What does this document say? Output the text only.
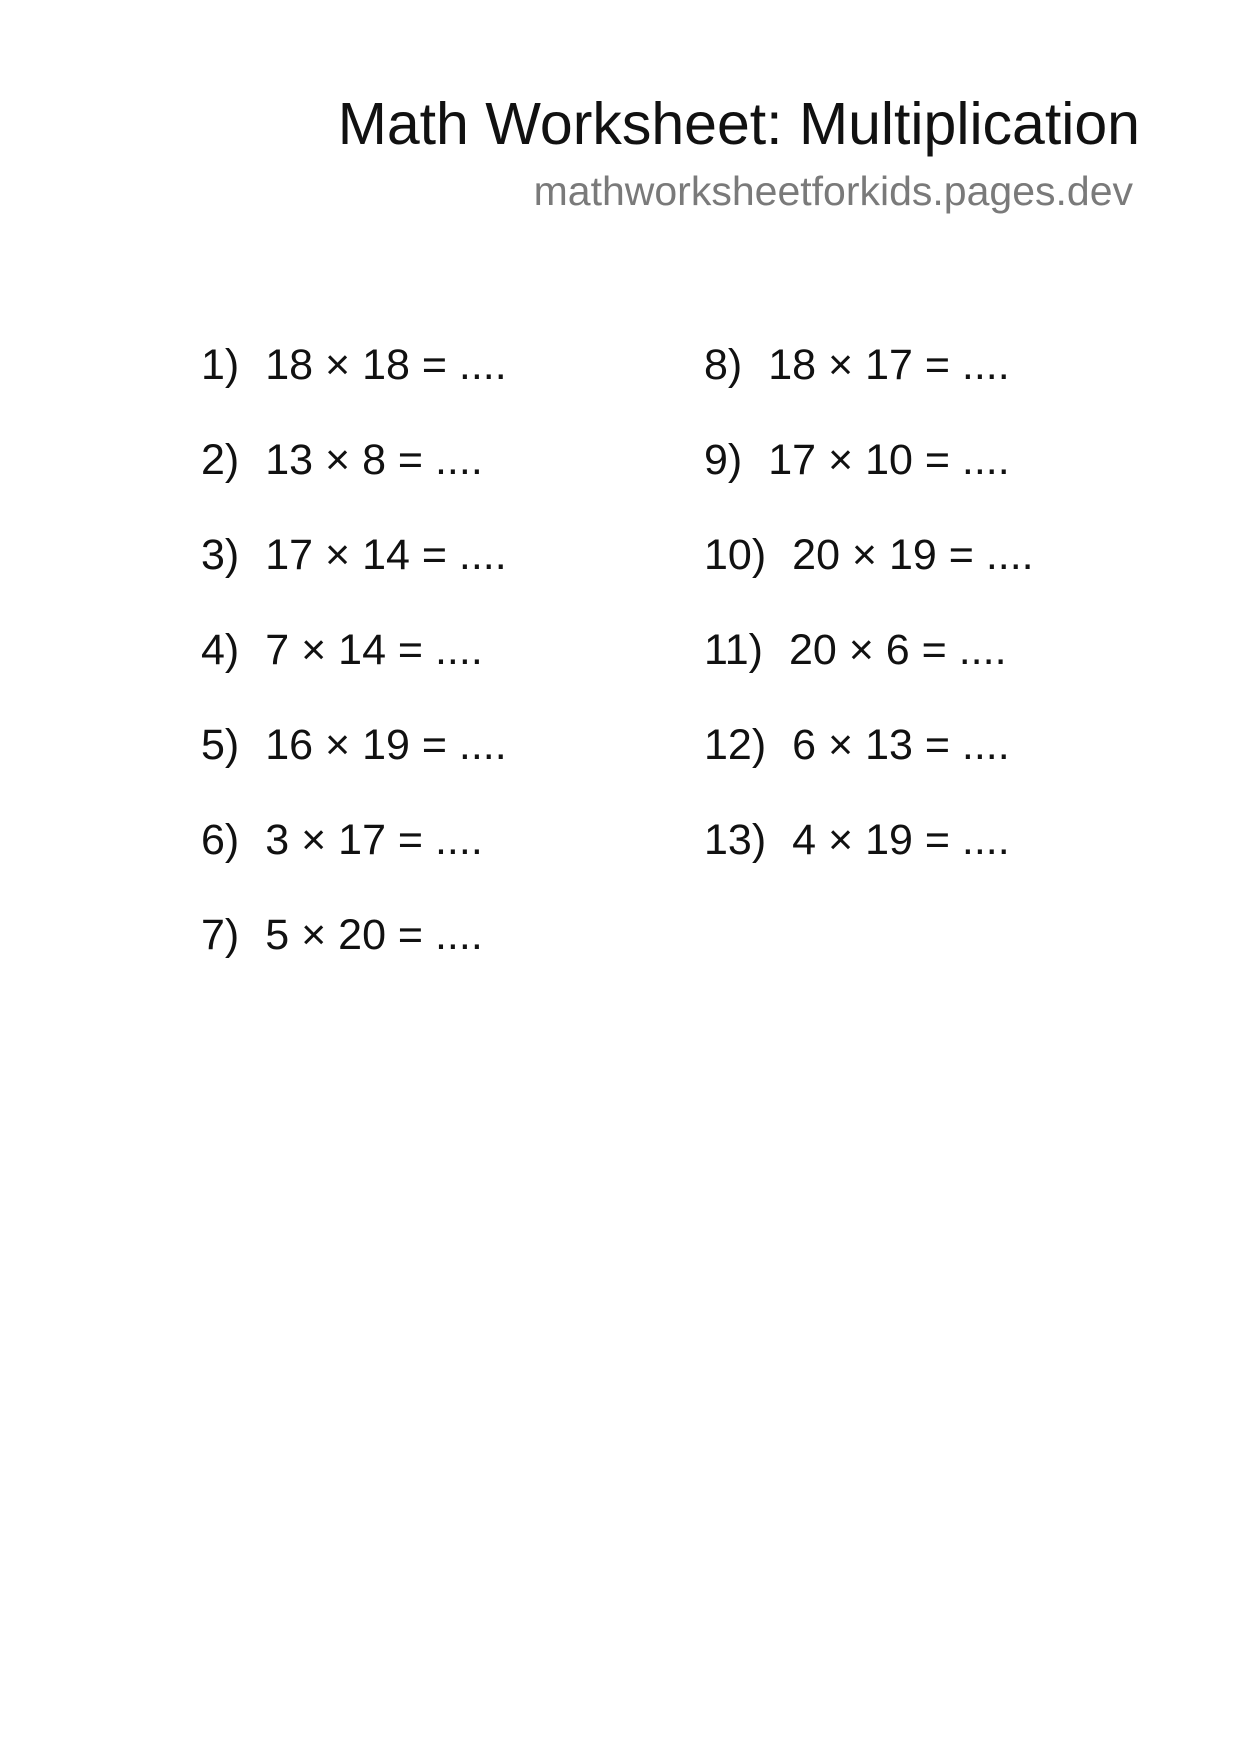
Math Worksheet: Multiplication
mathworksheetforkids.pages.dev
1) 18 × 18 = ....
2) 13 × 8 = ....
3) 17 × 14 = ....
4) 7 × 14 = ....
5) 16 × 19 = ....
6) 3 × 17 = ....
7) 5 × 20 = ....
8) 18 × 17 = ....
9) 17 × 10 = ....
10) 20 × 19 = ....
11) 20 × 6 = ....
12) 6 × 13 = ....
13) 4 × 19 = ....
